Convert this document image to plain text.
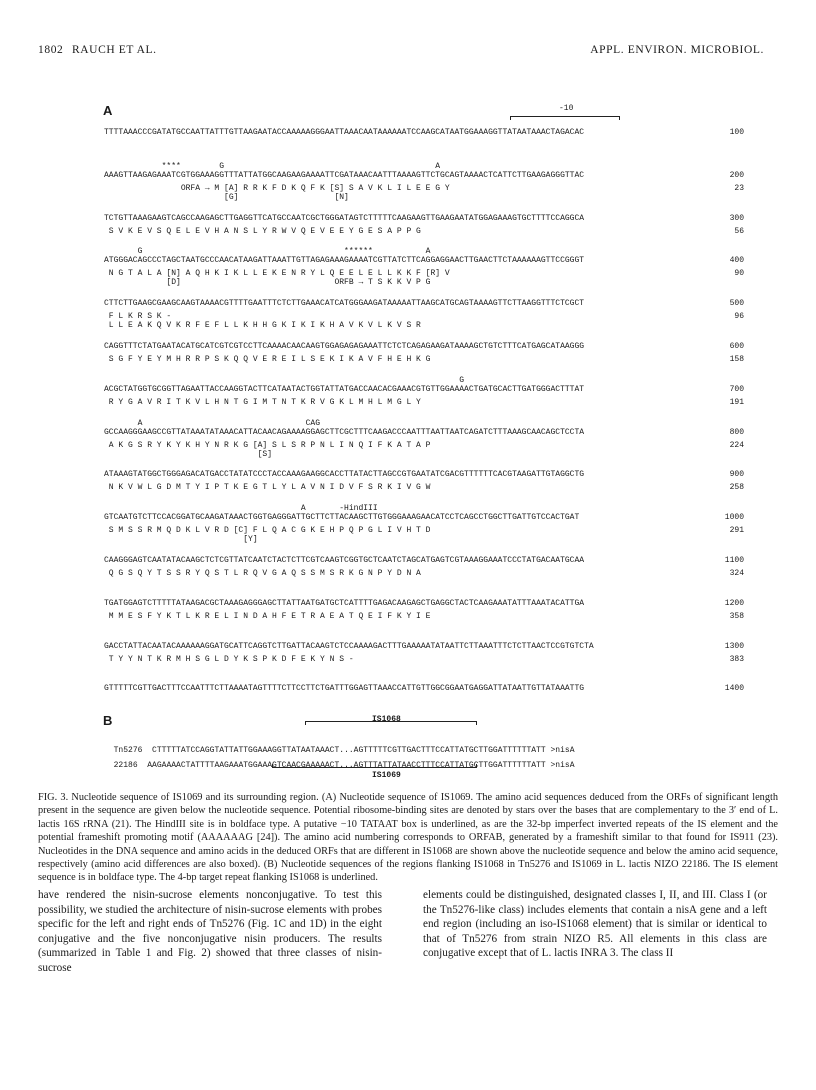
1802 RAUCH ET AL.	APPL. ENVIRON. MICROBIOL.
A	-10
TTTTAAACCCGATATGCCAATTATTTGTTAAGAATACCAAAAAGGGAATTAAACAATAAAAAATCCAAGCATAATGGAAAGGTTATAATAAACTAGACAC	100
****        G                                            A
AAAGTTAAGAGAAATCGTGGAAAGGTTTATTATGGCAAGAAGAAAATTCGATAAACAATTTAAAAGTTCTGCAGTAAAACTCATTCTTGAAGAGGGTTAC
ORFA → M [A] R R K F D K Q F K [S] S A V K L I L E E G Y
[G]                    [N]
200
23
TCTGTTAAAGAAGTCAGCCAAGAGCTTGAGGTTCATGCCAATCGCTGGGATAGTCTTTTTCAAGAAGTTGAAGAATATGGAGAAAGTGCTTTTCCAGGCA
S V K E V S Q E L E V H A N S L Y R W V Q E V E E Y G E S A P P G
300
56
G                                          ******           A
ATGGGACAGCCCTAGCTAATGCCCAACATAAGATTAAATTGTTAGAGAAAGAAAATCGTTATCTTCAGGAGGAACTTGAACTTCTAAAAAAGTTCCGGGT
N G T A L A [N] A Q H K I K L L E K E N R Y L Q E E L E L L K K F [R] V
[D]                                ORFB → T S K K V P G
400
90
CTTCTTGAAGCGAAGCAAGTAAAACGTTTTGAATTTCTCTTGAAACATCATGGGAAGATAAAAATTAAGCATGCAGTAAAAGTTCTTAAGGTTTCTCGCT
F L K R S K -
L L E A K Q V K R F E F L L K H H G K I K I K H A V K V L K V S R
500
96
CAGGTTTCTATGAATACATGCATCGTCGTCCTTCAAAACAACAAGTGGAGAGAGAAATTCTCTCAGAGAAGATAAAAGCTGTCTTTCATGAGCATAAGGG
S G F Y E Y M H R R P S K Q Q V E R E I L S E K I K A V F H E H K G
600
158
G
ACGCTATGGTGCGGTTAGAATTACCAAGGTACTTCATAATACTGGTATTATGACCAACACGAAACGTGTTGGAAAACTGATGCACTTGATGGGACTTTAT
R Y G A V R I T K V L H N T G I M T N T K R V G K L M H L M G L Y
700
191
A                                  CAG
GCCAAGGGAAGCCGTTATAAATATAAACATTACAACAGAAAAGGAGCTTCGCTTTCAAGACCCAATTTAATTAATCAGATCTTTAAAGCAACAGCTCCTA
A K G S R Y K Y K H Y N R K G [A] S L S R P N L I N Q I F K A T A P
[S]
800
224
ATAAAGTATGGCTGGGAGACATGACCTATATCCCTACCAAAGAAGGCACCTTATACTTAGCCGTGAATATCGACGTTTTTTCACGTAAGATTGTAGGCTG
N K V W L G D M T Y I P T K E G T L Y L A V N I D V F S R K I V G W
900
258
A       -HindIII
GTCAATGTCTTCCACGGATGCAAGATAAACTGGTGAGGGATTGCTTCTTACAAGCTTGTGGGAAAGAACATCCTCAGCCTGGCTTGATTGTCCACTGAT
S M S S R M Q D K L V R D [C] F L Q A C G K E H P Q P G L I V H T D
[Y]
1000
291
CAAGGGAGTCAATATACAAGCTCTCGTTATCAATCTACTCTTCGTCAAGTCGGTGCTCAATCTAGCATGAGTCGTAAAGGAAATCCCTATGACAATGCAA
Q G S Q Y T S S R Y Q S T L R Q V G A Q S S M S R K G N P Y D N A
1100
324
TGATGGAGTCTTTTTATAAGACGCTAAAGAGGGAGCTTATTAATGATGCTCATTTTGAGACAAGAGCTGAGGCTACTCAAGAAATATTTAAATACATTGA
M M E S F Y K T L K R E L I N D A H F E T R A E A T Q E I F K Y I E
1200
358
GACCTATTACAATACAAAAAAGGATGCATTCAGGTCTTGATTACAAGTCTCCAAAAGACTTTGAAAAATATAATTCTTAAATTTCTCTTAACTCCGTGTCTA
T Y Y N T K R M H S G L D Y K S P K D F E K Y N S -
1300
383
GTTTTTCGTTGACTTTCCAATTTCTTAAAATAGTTTTCTTCCTTCTGATTTGGAGTTAAACCATTGTTGGCGGAATGAGGATTATAATTGTTATAAATTG	1400
B	IS1068

Tn5276 CTTTTTATCCAGGTATTATTGGAAAGGTTATAATAAACT...AGTTTTTCGTTGACTTTCCATTATGCTTGGATTTTTTATT >nisA

22186 AAGAAAACTATTTTAAGAAATGGAAAGTCAACGAAAAACT...AGTTTATTATAACCTTTCCATTATGCTTGGATTTTTTATT >nisA

IS1069
FIG. 3. Nucleotide sequence of IS1069 and its surrounding region. (A) Nucleotide sequence of IS1069. The amino acid sequences deduced from the ORFs of significant length present in the sequence are given below the nucleotide sequence. Potential ribosome-binding sites are denoted by stars over the bases that are complementary to the 3′ end of L. lactis 16S rRNA (21). The HindIII site is in boldface type. A putative −10 TATAAT box is underlined, as are the 32-bp imperfect inverted repeats of the IS element and the potential frameshift promoting motif (AAAAAAG [24]). The amino acid numbering corresponds to ORFAB, generated by a frameshift similar to that found for IS911 (23). Nucleotides in the DNA sequence and amino acids in the deduced ORFs that are different in IS1068 are shown above the nucleotide sequence and below the amino acid sequence, respectively (amino acid differences are also boxed). (B) Nucleotide sequences of the regions flanking IS1068 in Tn5276 and IS1069 in L. lactis NIZO 22186. The IS element sequence is in boldface type. The 4-bp target repeat flanking IS1068 is underlined.
have rendered the nisin-sucrose elements nonconjugative. To test this possibility, we studied the architecture of nisin-sucrose elements with probes specific for the left and right ends of Tn5276 (Fig. 1C and 1D) in the eight conjugative and the five nonconjugative nisin producers. The results (summarized in Table 1 and Fig. 2) showed that three classes of nisin-sucrose
elements could be distinguished, designated classes I, II, and III. Class I (or the Tn5276-like class) includes elements that contain a nisA gene and a left end region (including an iso-IS1068 element) that is similar or identical to that of Tn5276 from strain NIZO R5. All elements in this class are conjugative except that of L. lactis INRA 3. The class II
